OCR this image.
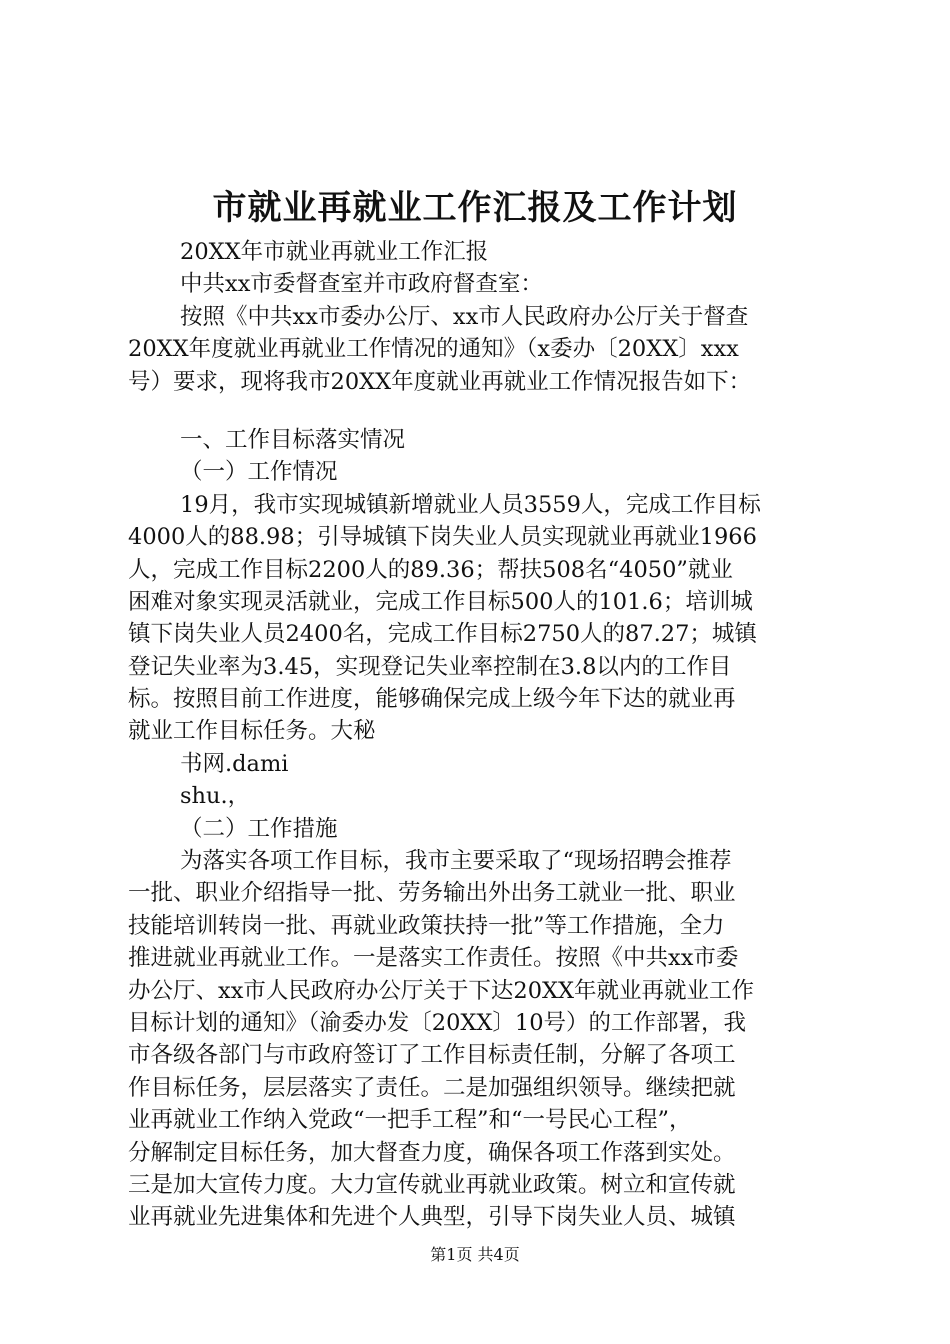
市就业再就业工作汇报及工作计划
20XX年市就业再就业工作汇报
中共xx市委督查室并市政府督查室：
按照《中共xx市委办公厅、xx市人民政府办公厅关于督查
20XX年度就业再就业工作情况的通知》（x委办〔20XX〕xxx
号）要求，现将我市20XX年度就业再就业工作情况报告如下：
一、工作目标落实情况
（一）工作情况
19月，我市实现城镇新增就业人员3559人，完成工作目标
4000人的88.98；引导城镇下岗失业人员实现就业再就业1966
人，完成工作目标2200人的89.36；帮扶508名“4050”就业
困难对象实现灵活就业，完成工作目标500人的101.6；培训城
镇下岗失业人员2400名，完成工作目标2750人的87.27；城镇
登记失业率为3.45，实现登记失业率控制在3.8以内的工作目
标。按照目前工作进度，能够确保完成上级今年下达的就业再
就业工作目标任务。大秘
书网.dami
shu.，
（二）工作措施
为落实各项工作目标，我市主要采取了“现场招聘会推荐
一批、职业介绍指导一批、劳务输出外出务工就业一批、职业
技能培训转岗一批、再就业政策扶持一批”等工作措施，全力
推进就业再就业工作。一是落实工作责任。按照《中共xx市委
办公厅、xx市人民政府办公厅关于下达20XX年就业再就业工作
目标计划的通知》（渝委办发〔20XX〕10号）的工作部署，我
市各级各部门与市政府签订了工作目标责任制，分解了各项工
作目标任务，层层落实了责任。二是加强组织领导。继续把就
业再就业工作纳入党政“一把手工程”和“一号民心工程”，
分解制定目标任务，加大督查力度，确保各项工作落到实处。
三是加大宣传力度。大力宣传就业再就业政策。树立和宣传就
业再就业先进集体和先进个人典型，引导下岗失业人员、城镇
第1页 共4页
